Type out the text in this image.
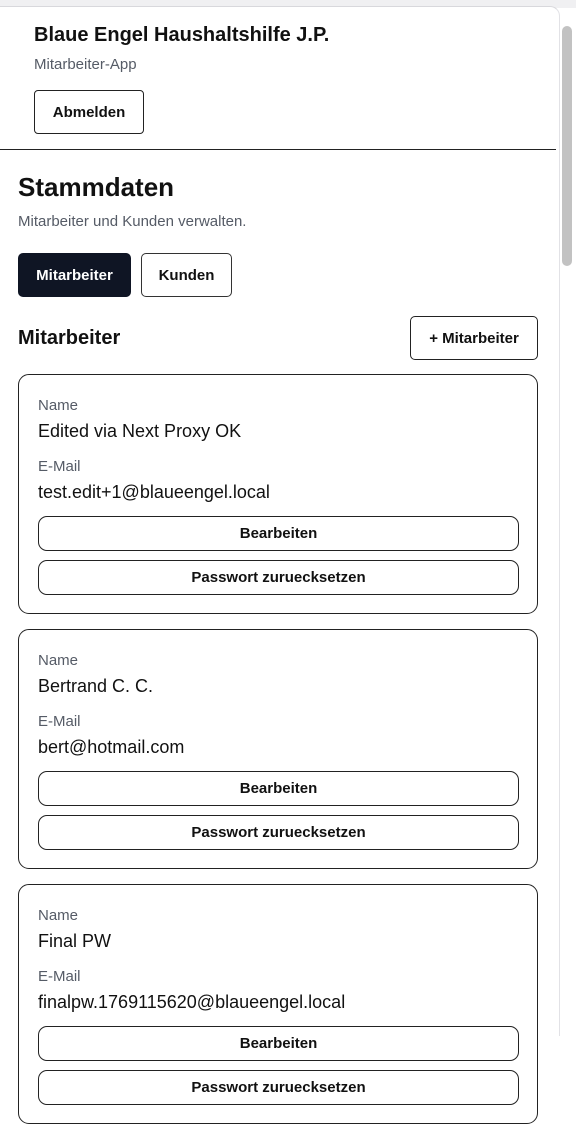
Blaue Engel Haushaltshilfe J.P.
Mitarbeiter-App
Abmelden
Stammdaten
Mitarbeiter und Kunden verwalten.
Mitarbeiter	Kunden
Mitarbeiter	+ Mitarbeiter
Name
Edited via Next Proxy OK
E-Mail
test.edit+1@blaueengel.local
Bearbeiten
Passwort zuruecksetzen
Name
Bertrand C. C.
E-Mail
bert@hotmail.com
Bearbeiten
Passwort zuruecksetzen
Name
Final PW
E-Mail
finalpw.1769115620@blaueengel.local
Bearbeiten
Passwort zuruecksetzen
